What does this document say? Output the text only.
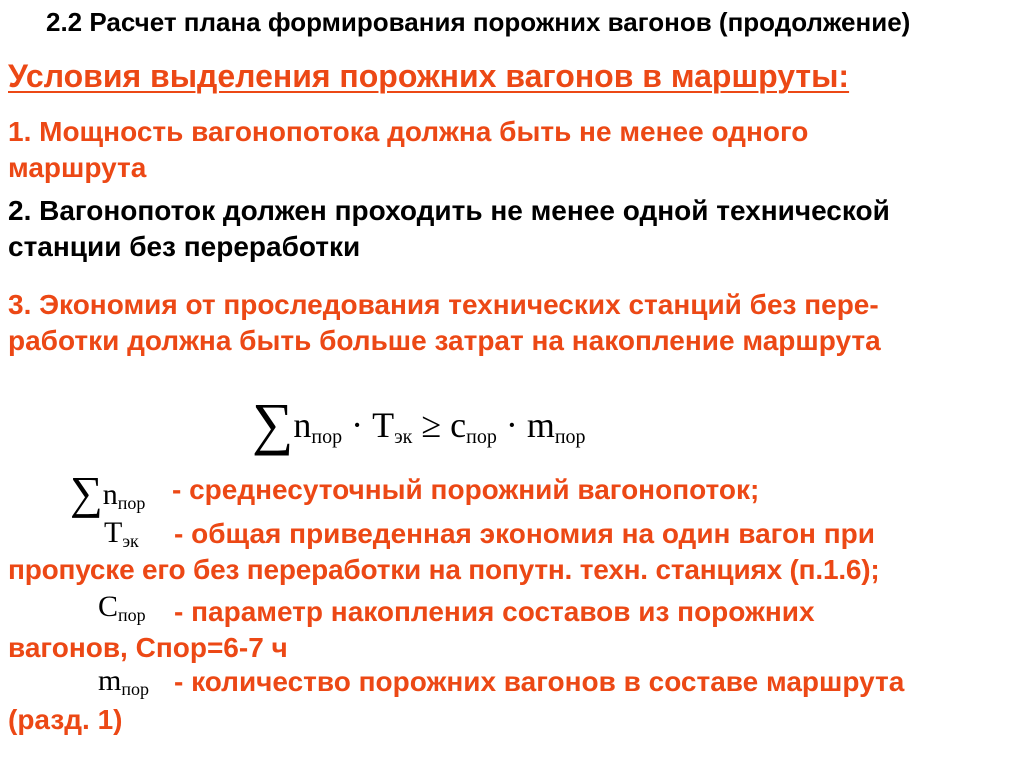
2.2 Расчет плана формирования порожних вагонов (продолжение)
Условия выделения порожних вагонов в маршруты:
1. Мощность вагонопотока должна быть не менее одного
маршрута
2. Вагонопоток должен проходить не менее одной технической
станции без переработки
3. Экономия от проследования технических станций без пере-
работки должна быть больше затрат на накопление маршрута
$\sum n_{пор} \cdot T_{эк} \ge c_{пор} \cdot m_{пор}$
$\sum n_{пор}$ - среднесуточный порожний вагонопоток;
$T_{эк}$ - общая приведенная экономия на один вагон при
пропуске его без переработки на попутн. техн. станциях (п.1.6);
$C_{пор}$ - параметр накопления составов из порожних
вагонов, Спор=6-7 ч
$m_{пор}$ - количество порожних вагонов в составе маршрута
(разд. 1)
